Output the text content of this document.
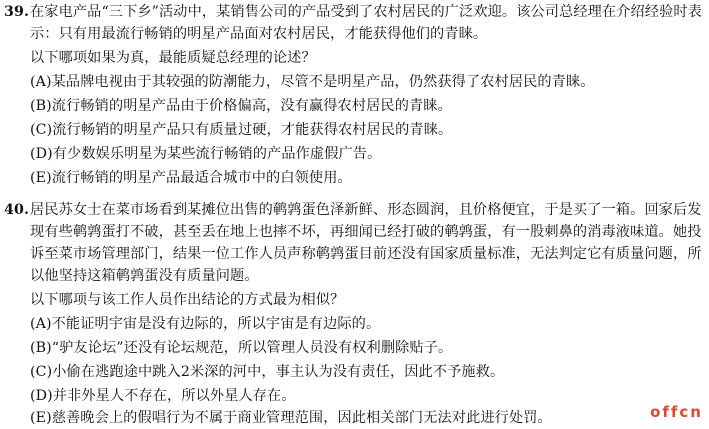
39. 在家电产品“三下乡”活动中，某销售公司的产品受到了农村居民的广泛欢迎。该公司总经理在介绍经验时表
示：只有用最流行畅销的明星产品面对农村居民，才能获得他们的青睐。
以下哪项如果为真，最能质疑总经理的论述？
(A)某品牌电视由于其较强的防潮能力，尽管不是明星产品，仍然获得了农村居民的青睐。
(B)流行畅销的明星产品由于价格偏高，没有赢得农村居民的青睐。
(C)流行畅销的明星产品只有质量过硬，才能获得农村居民的青睐。
(D)有少数娱乐明星为某些流行畅销的产品作虚假广告。
(E)流行畅销的明星产品最适合城市中的白领使用。
40. 居民苏女士在菜市场看到某摊位出售的鹌鹑蛋色泽新鲜、形态圆润，且价格便宜，于是买了一箱。回家后发
现有些鹌鹑蛋打不破，甚至丢在地上也摔不坏，再细闻已经打破的鹌鹑蛋，有一股刺鼻的消毒液味道。她投
诉至菜市场管理部门，结果一位工作人员声称鹌鹑蛋目前还没有国家质量标准，无法判定它有质量问题，所
以他坚持这箱鹌鹑蛋没有质量问题。
以下哪项与该工作人员作出结论的方式最为相似？
(A)不能证明宇宙是没有边际的，所以宇宙是有边际的。
(B)“驴友论坛”还没有论坛规范，所以管理人员没有权利删除贴子。
(C)小偷在逃跑途中跳入2米深的河中，事主认为没有责任，因此不予施救。
(D)并非外星人不存在，所以外星人存在。
(E)慈善晚会上的假唱行为不属于商业管理范围，因此相关部门无法对此进行处罚。	offcn
